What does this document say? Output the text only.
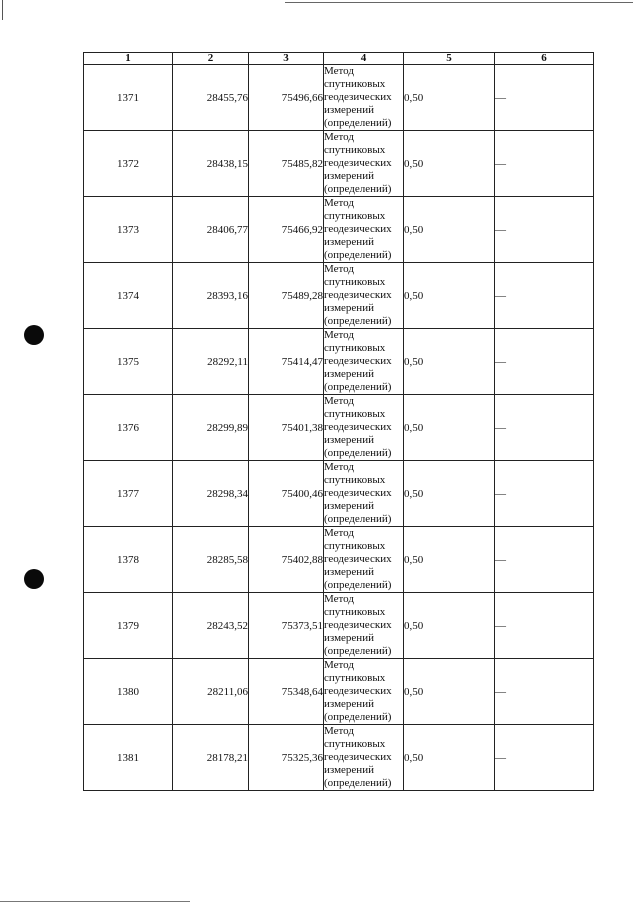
1	2	3	4	5	6
1371	28455,76	75496,66	Метод спутниковых геодезических измерений (определений)	0,50	—
1372	28438,15	75485,82	Метод спутниковых геодезических измерений (определений)	0,50	—
1373	28406,77	75466,92	Метод спутниковых геодезических измерений (определений)	0,50	—
1374	28393,16	75489,28	Метод спутниковых геодезических измерений (определений)	0,50	—
1375	28292,11	75414,47	Метод спутниковых геодезических измерений (определений)	0,50	—
1376	28299,89	75401,38	Метод спутниковых геодезических измерений (определений)	0,50	—
1377	28298,34	75400,46	Метод спутниковых геодезических измерений (определений)	0,50	—
1378	28285,58	75402,88	Метод спутниковых геодезических измерений (определений)	0,50	—
1379	28243,52	75373,51	Метод спутниковых геодезических измерений (определений)	0,50	—
1380	28211,06	75348,64	Метод спутниковых геодезических измерений (определений)	0,50	—
1381	28178,21	75325,36	Метод спутниковых геодезических измерений (определений)	0,50	—
